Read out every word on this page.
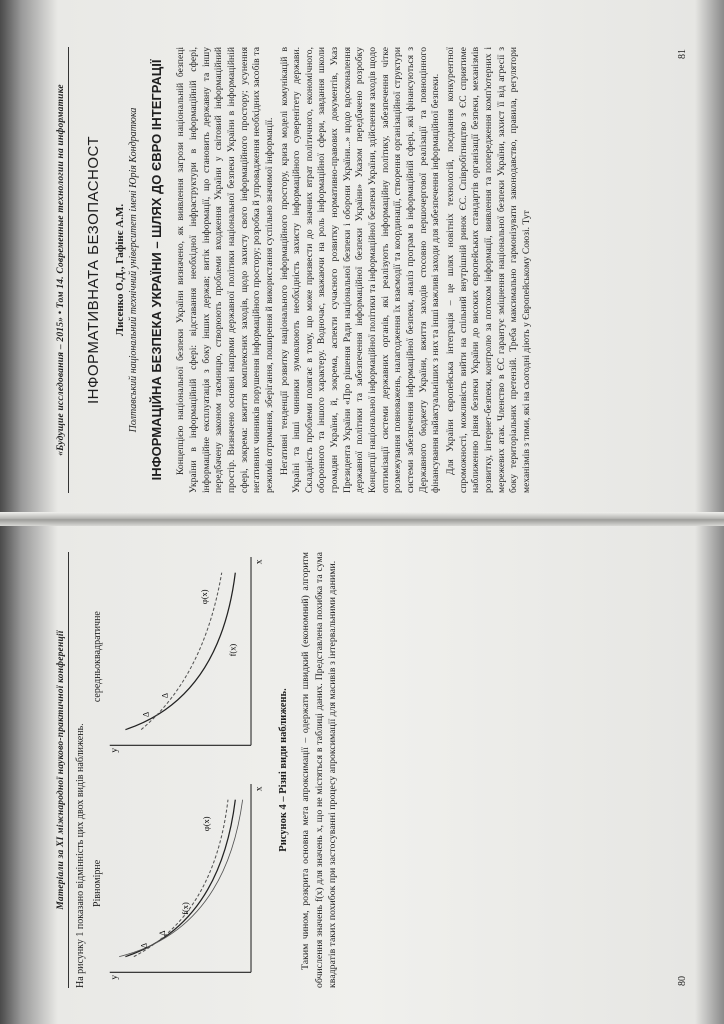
«Будущие исследования – 2015» • Том 14. Современные технологии на информатике ІНФОРМАТИВНАТА БЕЗОПАСНОСТ Лисенко О.Д., Гафінє А.М. Полтавський національний технічний університет імені Юрія Кондратюка ІНФОРМАЦІЙНА БЕЗПЕКА УКРАЇНИ – ШЛЯХ ДО ЄВРО ІНТЕГРАЦІЇ Концепцією національної безпеки України визначено, як виявлення загрози національній безпеці України в інформаційній сфері: відставання необхідної інфраструктури в інформаційній сфері, інформаційне експлуатація з боку інших держав; витік інформації, що становить державну та іншу передбачену законом таємницю, створюють проблеми входження України у світовий інформаційний простір. Визначено основні напрями державної політики національної безпеки України в інформаційній сфері, зокрема: вжиття комплексних заходів, щодо захисту свого інформаційного простору; усунення негативних чинників порушення інформаційного простору; розробка й упровадження необхідних засобів та режимів отримання, зберігання, поширення й використання суспільно значимої інформації. Негативні тенденції розвитку національного інформаційного простору, криза моделі комунікацій в Україні та інші чинники зумовлюють необхідність захисту інформаційного суверенітету держави. Складність проблеми полягає в тому, що може призвести до значних втрат політичного, економічного, оборонного та іншого характеру. Водночас, зважаючи на роль інформаційної сфери, завдання школи громадян України, й, зокрема, аспекти сучасного розвитку нормативно-правових документів, Указ Президента України «Про рішення Ради національної безпеки і оборони України...» щодо вдосконалення державної політики та забезпечення інформаційної безпеки України» Указом передбачено розробку Концепції національної інформаційної політики та інформаційної безпеки України, здійснення заходів щодо оптимізації системи державних органів, які реалізують інформаційну політику, забезпечення чітке розмежування повноважень, налагодження їх взаємодії та координації, створення організаційної структури системи забезпечення інформаційної безпеки, аналіз програм в інформаційній сфері, які фінансуються з Державного бюджету України, вжиття заходів стосовно першочергової реалізації та повноцінного фінансування найактуальніших з них та інші важливі заходи для забезпечення інформаційної безпеки. Для України європейська інтеграція – це шлях новітніх технологій, поєднання конкурентної спроможності, можливість вийти на спільний внутрішній ринок ЄС. Співробітництво з ЄС сприятиме наближенню рівня безпеки України до високих європейських стандартів організації безпеки, механізмів розвитку, інтернет-безпеки, контролю за потоком інформації, виявлення та попередження комп'ютерних і мережевих атак. Членство в ЄС гарантує зміцнення національної безпеки України, захист її від агресії з боку територіальних претензій. Треба максимально гармонізувати законодавство, правила, регулятори механізмів з тими, які на сьогодні діють у Європейському Союзі. Тут

81
Матеріали за XI міжнародної науково-практичної конференції На рисунку 1 показано відмінність цих двох видів наближень. Рівномірне
y
x
f(x)
φ(x)
Δ
Δ
середньоквадратичне
y
x
φ(x)
f(x)
Δ
Δ	Рисунок 4 – Різні види наближень. Таким чином, розкрита основна мета апроксимації – одержати швидкий (економний) алгоритм обчислення значень f(x) для значень x, що не містяться в таблиці даних. Представлена похибка та сума квадратів таких похибок при застосуванні процесу апроксимації для масивів з інтервальними даними.	80
